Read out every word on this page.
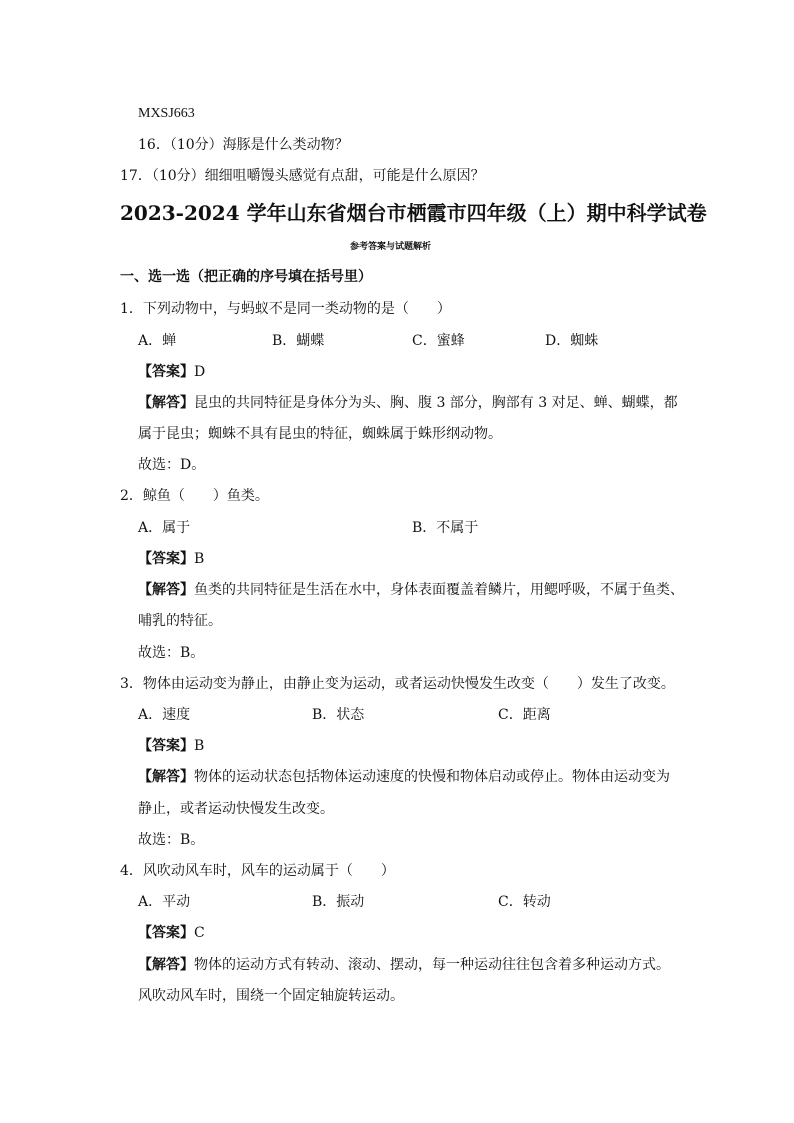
MXSJ663
16．（10分）海豚是什么类动物？
17．（10分）细细咀嚼馒头感觉有点甜，可能是什么原因？
2023-2024 学年山东省烟台市栖霞市四年级（上）期中科学试卷
参考答案与试题解析
一、选一选（把正确的序号填在括号里）
1．下列动物中，与蚂蚁不是同一类动物的是（　　）
A．蝉	B．蝴蝶	C．蜜蜂	D．蜘蛛
【答案】D
【解答】昆虫的共同特征是身体分为头、胸、腹 3 部分，胸部有 3 对足、蝉、蝴蝶，都
属于昆虫；蜘蛛不具有昆虫的特征，蜘蛛属于蛛形纲动物。
故选：D。
2．鲸鱼（　　）鱼类。
A．属于	B．不属于
【答案】B
【解答】鱼类的共同特征是生活在水中，身体表面覆盖着鳞片，用鳃呼吸，不属于鱼类、
哺乳的特征。
故选：B。
3．物体由运动变为静止，由静止变为运动，或者运动快慢发生改变（　　）发生了改变。
A．速度	B．状态	C．距离
【答案】B
【解答】物体的运动状态包括物体运动速度的快慢和物体启动或停止。物体由运动变为
静止，或者运动快慢发生改变。
故选：B。
4．风吹动风车时，风车的运动属于（　　）
A．平动	B．振动	C．转动
【答案】C
【解答】物体的运动方式有转动、滚动、摆动，每一种运动往往包含着多种运动方式。
风吹动风车时，围绕一个固定轴旋转运动。
